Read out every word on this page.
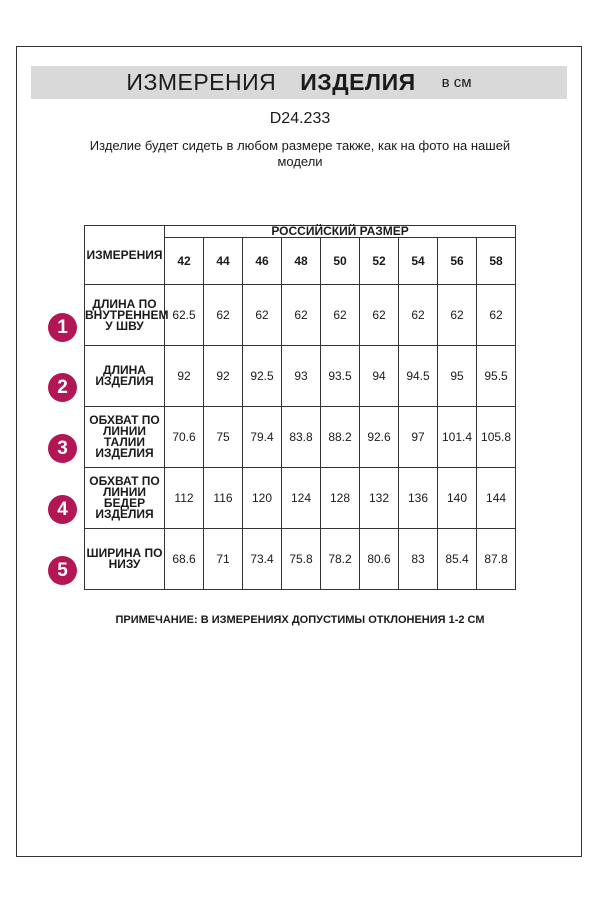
ИЗМЕРЕНИЯ ИЗДЕЛИЯ в см
D24.233
Изделие будет сидеть в любом размере также, как на фото на нашей модели
ИЗМЕРЕНИЯ	РОССИЙСКИЙ РАЗМЕР								
	42	44	46	48	50	52	54	56	58
ДЛИНА ПО ВНУТРЕННЕМ У ШВУ	62.5	62	62	62	62	62	62	62	62
ДЛИНА ИЗДЕЛИЯ	92	92	92.5	93	93.5	94	94.5	95	95.5
ОБХВАТ ПО ЛИНИИ ТАЛИИ ИЗДЕЛИЯ	70.6	75	79.4	83.8	88.2	92.6	97	101.4	105.8
ОБХВАТ ПО ЛИНИИ БЕДЕР ИЗДЕЛИЯ	112	116	120	124	128	132	136	140	144
ШИРИНА ПО НИЗУ	68.6	71	73.4	75.8	78.2	80.6	83	85.4	87.8
1
2
3
4
5
ПРИМЕЧАНИЕ: В ИЗМЕРЕНИЯХ ДОПУСТИМЫ ОТКЛОНЕНИЯ 1-2 СМ
